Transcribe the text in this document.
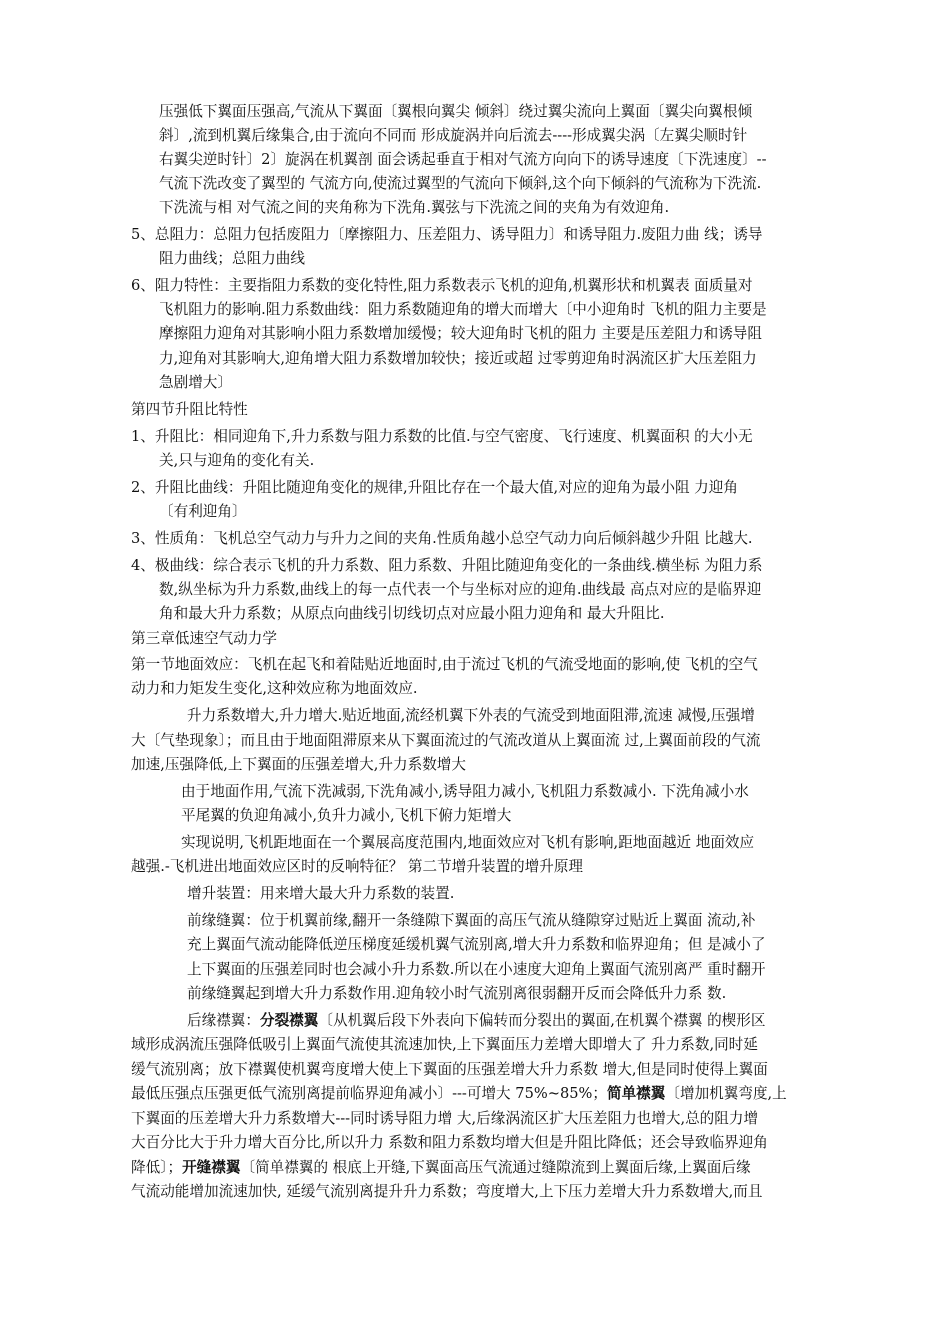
压强低下翼面压强高,气流从下翼面〔翼根向翼尖 倾斜〕绕过翼尖流向上翼面〔翼尖向翼根倾
斜〕,流到机翼后缘集合,由于流向不同而 形成旋涡并向后流去----形成翼尖涡〔左翼尖顺时针
右翼尖逆时针〕2〕旋涡在机翼剖 面会诱起垂直于相对气流方向向下的诱导速度〔下洗速度〕--
气流下洗改变了翼型的 气流方向,使流过翼型的气流向下倾斜,这个向下倾斜的气流称为下洗流.
下洗流与相 对气流之间的夹角称为下洗角.翼弦与下洗流之间的夹角为有效迎角.
5、总阻力：总阻力包括废阻力〔摩擦阻力、压差阻力、诱导阻力〕和诱导阻力.废阻力曲 线；诱导
阻力曲线；总阻力曲线
6、阻力特性：主要指阻力系数的变化特性,阻力系数表示飞机的迎角,机翼形状和机翼表 面质量对
飞机阻力的影响.阻力系数曲线：阻力系数随迎角的增大而增大〔中小迎角时 飞机的阻力主要是
摩擦阻力迎角对其影响小阻力系数增加缓慢；较大迎角时飞机的阻力 主要是压差阻力和诱导阻
力,迎角对其影响大,迎角增大阻力系数增加较快；接近或超 过零剪迎角时涡流区扩大压差阻力
急剧增大〕
第四节升阻比特性
1、升阻比：相同迎角下,升力系数与阻力系数的比值.与空气密度、飞行速度、机翼面积 的大小无
关,只与迎角的变化有关.
2、升阻比曲线：升阻比随迎角变化的规律,升阻比存在一个最大值,对应的迎角为最小阻 力迎角
〔有利迎角〕
3、性质角：飞机总空气动力与升力之间的夹角.性质角越小总空气动力向后倾斜越少升阻 比越大.
4、极曲线：综合表示飞机的升力系数、阻力系数、升阻比随迎角变化的一条曲线.横坐标 为阻力系
数,纵坐标为升力系数,曲线上的每一点代表一个与坐标对应的迎角.曲线最 高点对应的是临界迎
角和最大升力系数；从原点向曲线引切线切点对应最小阻力迎角和 最大升阻比.
第三章低速空气动力学
第一节地面效应：飞机在起飞和着陆贴近地面时,由于流过飞机的气流受地面的影响,使 飞机的空气
动力和力矩发生变化,这种效应称为地面效应.
升力系数增大,升力增大.贴近地面,流经机翼下外表的气流受到地面阻滞,流速 减慢,压强增
大〔气垫现象〕；而且由于地面阻滞原来从下翼面流过的气流改道从上翼面流 过,上翼面前段的气流
加速,压强降低,上下翼面的压强差增大,升力系数增大
由于地面作用,气流下洗减弱,下洗角减小,诱导阻力减小,飞机阻力系数减小. 下洗角减小水
平尾翼的负迎角减小,负升力减小,飞机下俯力矩增大
实现说明,飞机距地面在一个翼展高度范围内,地面效应对飞机有影响,距地面越近 地面效应
越强.-飞机进出地面效应区时的反响特征？ 第二节增升装置的增升原理
增升装置：用来增大最大升力系数的装置.
前缘缝翼：位于机翼前缘,翻开一条缝隙下翼面的高压气流从缝隙穿过贴近上翼面 流动,补
充上翼面气流动能降低逆压梯度延缓机翼气流别离,增大升力系数和临界迎角；但 是减小了
上下翼面的压强差同时也会减小升力系数.所以在小速度大迎角上翼面气流别离严 重时翻开
前缘缝翼起到增大升力系数作用.迎角较小时气流别离很弱翻开反而会降低升力系 数.
后缘襟翼：分裂襟翼〔从机翼后段下外表向下偏转而分裂出的翼面,在机翼个襟翼 的楔形区
域形成涡流压强降低吸引上翼面气流使其流速加快,上下翼面压力差增大即增大了 升力系数,同时延
缓气流别离；放下襟翼使机翼弯度增大使上下翼面的压强差增大升力系数 增大,但是同时使得上翼面
最低压强点压强更低气流别离提前临界迎角减小〕---可增大 75%~85%；简单襟翼〔增加机翼弯度,上
下翼面的压差增大升力系数增大---同时诱导阻力增 大,后缘涡流区扩大压差阻力也增大,总的阻力增
大百分比大于升力增大百分比,所以升力 系数和阻力系数均增大但是升阻比降低；还会导致临界迎角
降低〕；开缝襟翼〔简单襟翼的 根底上开缝,下翼面高压气流通过缝隙流到上翼面后缘,上翼面后缘
气流动能增加流速加快, 延缓气流别离提升升力系数；弯度增大,上下压力差增大升力系数增大,而且
